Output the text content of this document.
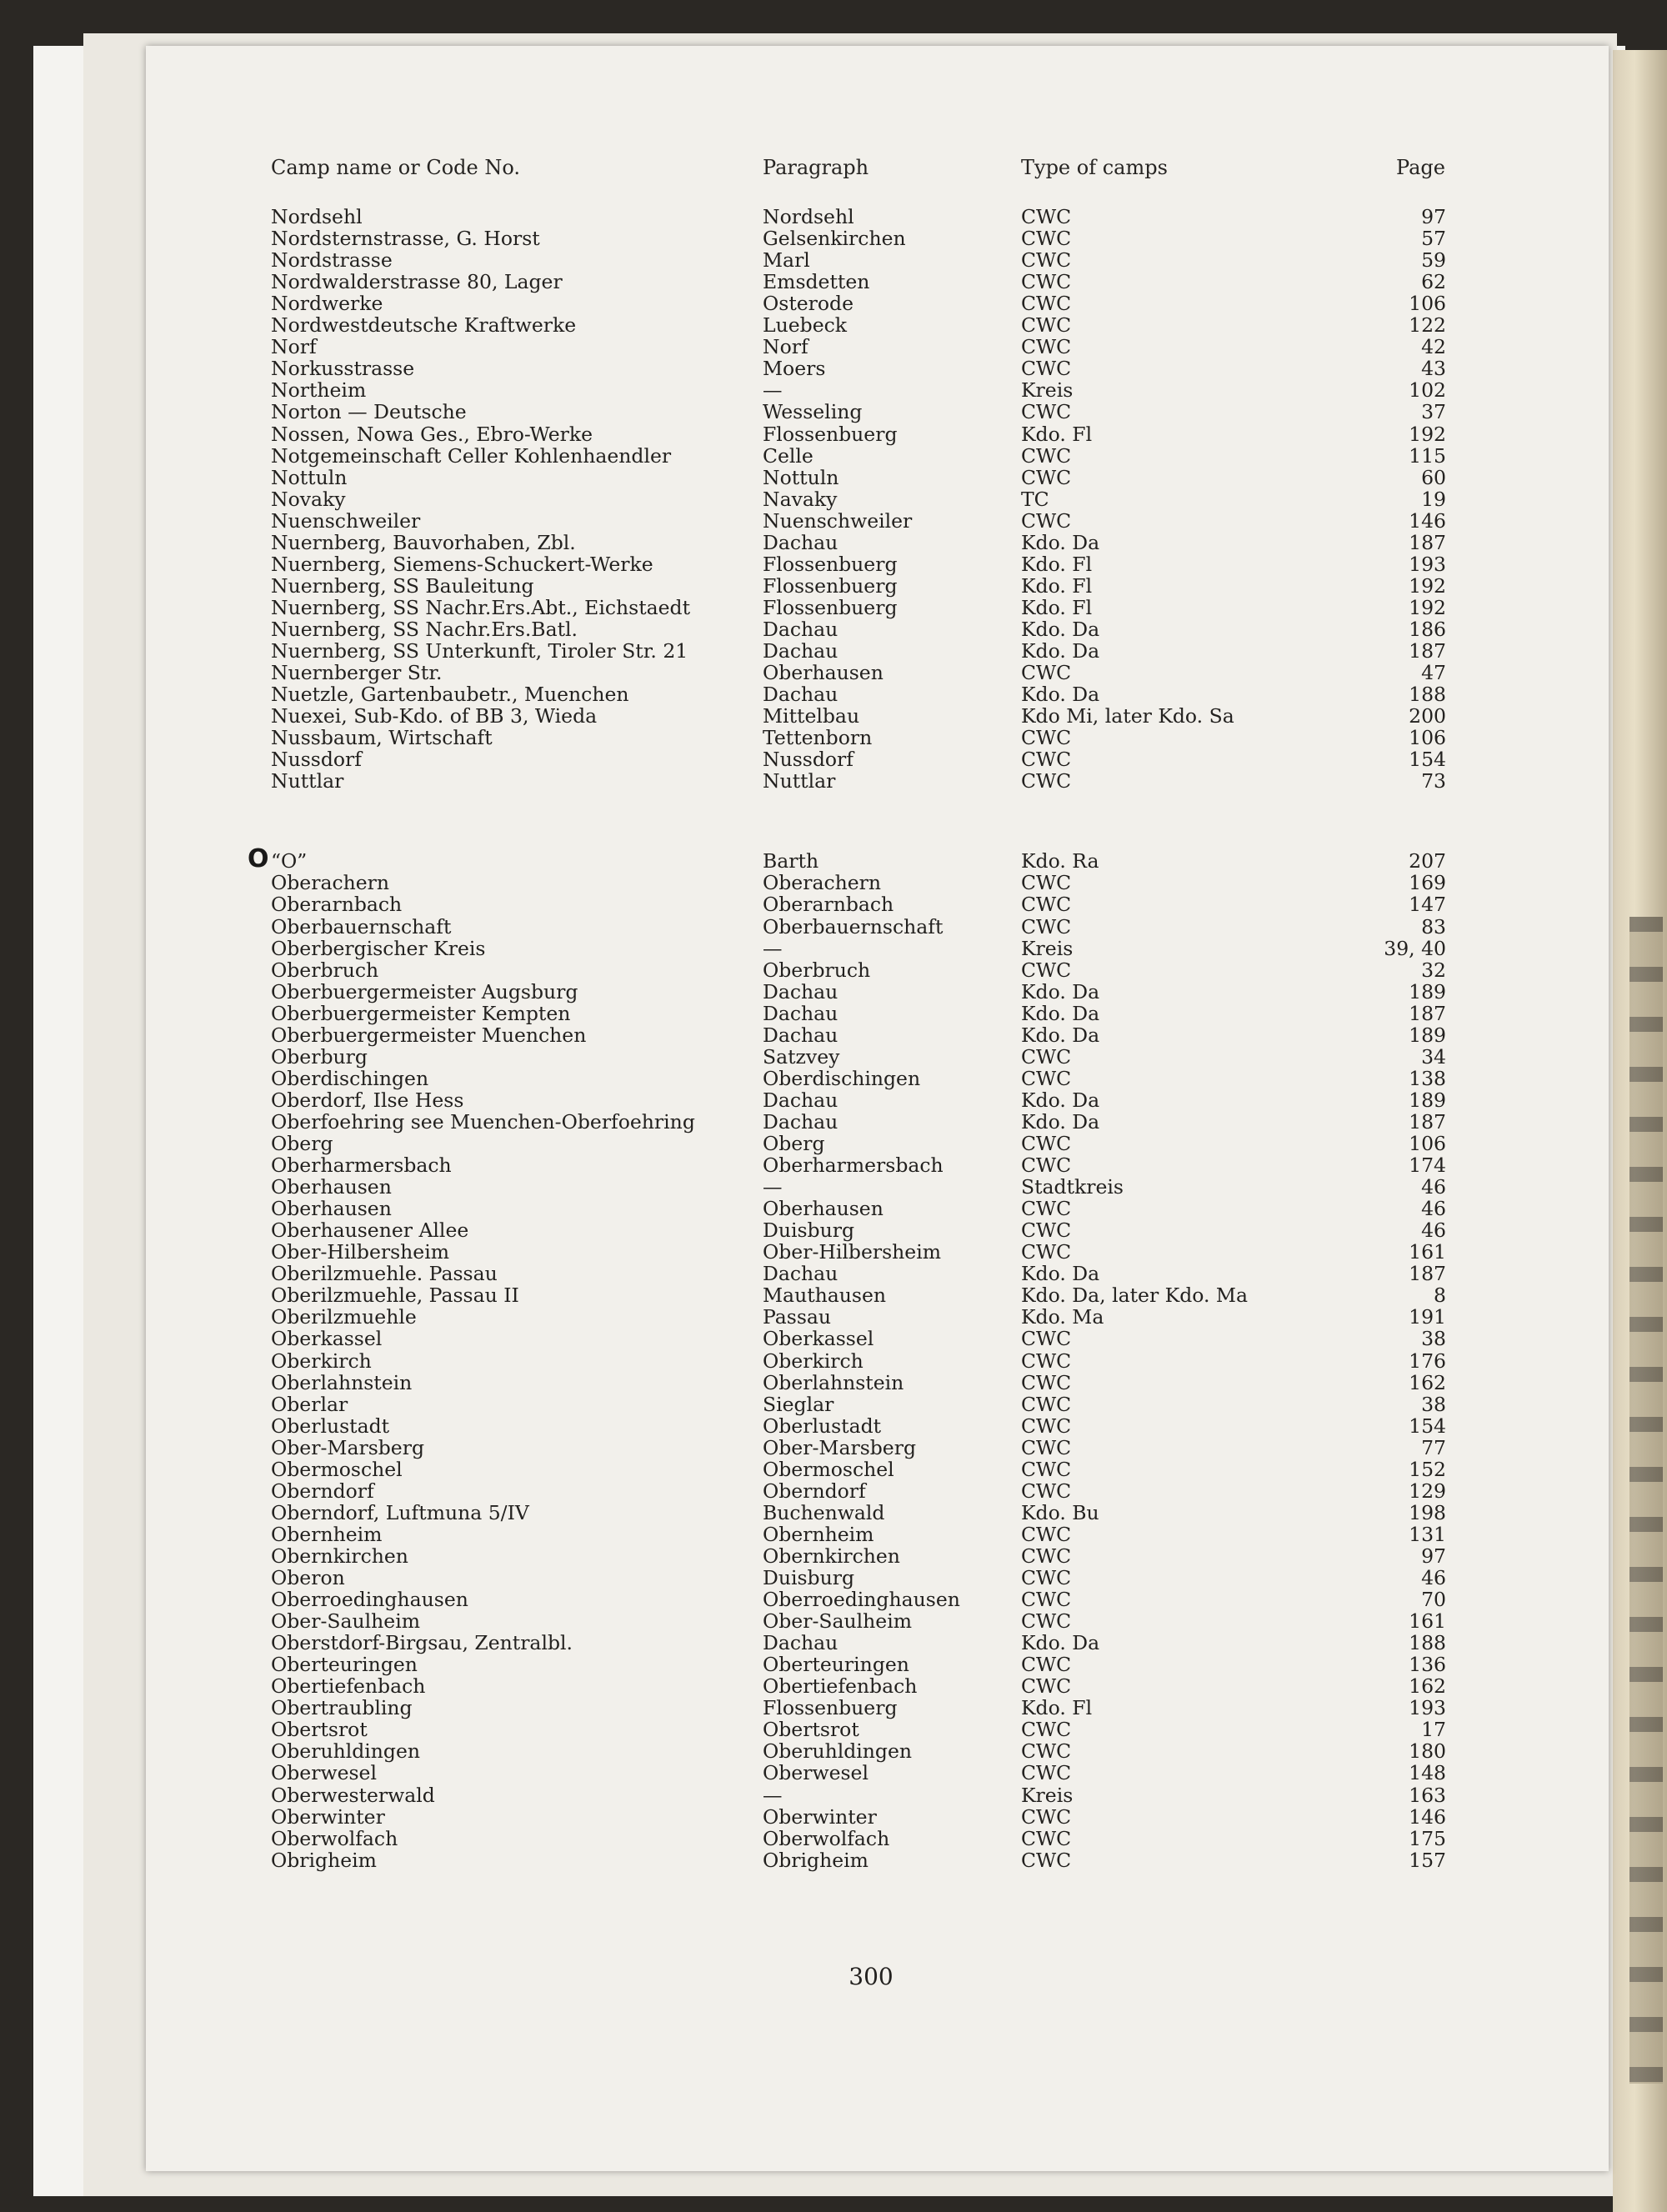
Camp name or Code No.	Paragraph	Type of camps	Page
O
Nordsehl	Nordsehl	CWC	97
Nordsternstrasse, G. Horst	Gelsenkirchen	CWC	57
Nordstrasse	Marl	CWC	59
Nordwalderstrasse 80, Lager	Emsdetten	CWC	62
Nordwerke	Osterode	CWC	106
Nordwestdeutsche Kraftwerke	Luebeck	CWC	122
Norf	Norf	CWC	42
Norkusstrasse	Moers	CWC	43
Northeim	—	Kreis	102
Norton — Deutsche	Wesseling	CWC	37
Nossen, Nowa Ges., Ebro-Werke	Flossenbuerg	Kdo. Fl	192
Notgemeinschaft Celler Kohlenhaendler	Celle	CWC	115
Nottuln	Nottuln	CWC	60
Novaky	Navaky	TC	19
Nuenschweiler	Nuenschweiler	CWC	146
Nuernberg, Bauvorhaben, Zbl.	Dachau	Kdo. Da	187
Nuernberg, Siemens-Schuckert-Werke	Flossenbuerg	Kdo. Fl	193
Nuernberg, SS Bauleitung	Flossenbuerg	Kdo. Fl	192
Nuernberg, SS Nachr.Ers.Abt., Eichstaedt	Flossenbuerg	Kdo. Fl	192
Nuernberg, SS Nachr.Ers.Batl.	Dachau	Kdo. Da	186
Nuernberg, SS Unterkunft, Tiroler Str. 21	Dachau	Kdo. Da	187
Nuernberger Str.	Oberhausen	CWC	47
Nuetzle, Gartenbaubetr., Muenchen	Dachau	Kdo. Da	188
Nuexei, Sub-Kdo. of BB 3, Wieda	Mittelbau	Kdo Mi, later Kdo. Sa	200
Nussbaum, Wirtschaft	Tettenborn	CWC	106
Nussdorf	Nussdorf	CWC	154
Nuttlar	Nuttlar	CWC	73
“O”	Barth	Kdo. Ra	207
Oberachern	Oberachern	CWC	169
Oberarnbach	Oberarnbach	CWC	147
Oberbauernschaft	Oberbauernschaft	CWC	83
Oberbergischer Kreis	—	Kreis	39, 40
Oberbruch	Oberbruch	CWC	32
Oberbuergermeister Augsburg	Dachau	Kdo. Da	189
Oberbuergermeister Kempten	Dachau	Kdo. Da	187
Oberbuergermeister Muenchen	Dachau	Kdo. Da	189
Oberburg	Satzvey	CWC	34
Oberdischingen	Oberdischingen	CWC	138
Oberdorf, Ilse Hess	Dachau	Kdo. Da	189
Oberfoehring see Muenchen-Oberfoehring	Dachau	Kdo. Da	187
Oberg	Oberg	CWC	106
Oberharmersbach	Oberharmersbach	CWC	174
Oberhausen	—	Stadtkreis	46
Oberhausen	Oberhausen	CWC	46
Oberhausener Allee	Duisburg	CWC	46
Ober-Hilbersheim	Ober-Hilbersheim	CWC	161
Oberilzmuehle. Passau	Dachau	Kdo. Da	187
Oberilzmuehle, Passau II	Mauthausen	Kdo. Da, later Kdo. Ma	8
Oberilzmuehle	Passau	Kdo. Ma	191
Oberkassel	Oberkassel	CWC	38
Oberkirch	Oberkirch	CWC	176
Oberlahnstein	Oberlahnstein	CWC	162
Oberlar	Sieglar	CWC	38
Oberlustadt	Oberlustadt	CWC	154
Ober-Marsberg	Ober-Marsberg	CWC	77
Obermoschel	Obermoschel	CWC	152
Oberndorf	Oberndorf	CWC	129
Oberndorf, Luftmuna 5/IV	Buchenwald	Kdo. Bu	198
Obernheim	Obernheim	CWC	131
Obernkirchen	Obernkirchen	CWC	97
Oberon	Duisburg	CWC	46
Oberroedinghausen	Oberroedinghausen	CWC	70
Ober-Saulheim	Ober-Saulheim	CWC	161
Oberstdorf-Birgsau, Zentralbl.	Dachau	Kdo. Da	188
Oberteuringen	Oberteuringen	CWC	136
Obertiefenbach	Obertiefenbach	CWC	162
Obertraubling	Flossenbuerg	Kdo. Fl	193
Obertsrot	Obertsrot	CWC	17
Oberuhldingen	Oberuhldingen	CWC	180
Oberwesel	Oberwesel	CWC	148
Oberwesterwald	—	Kreis	163
Oberwinter	Oberwinter	CWC	146
Oberwolfach	Oberwolfach	CWC	175
Obrigheim	Obrigheim	CWC	157
300
